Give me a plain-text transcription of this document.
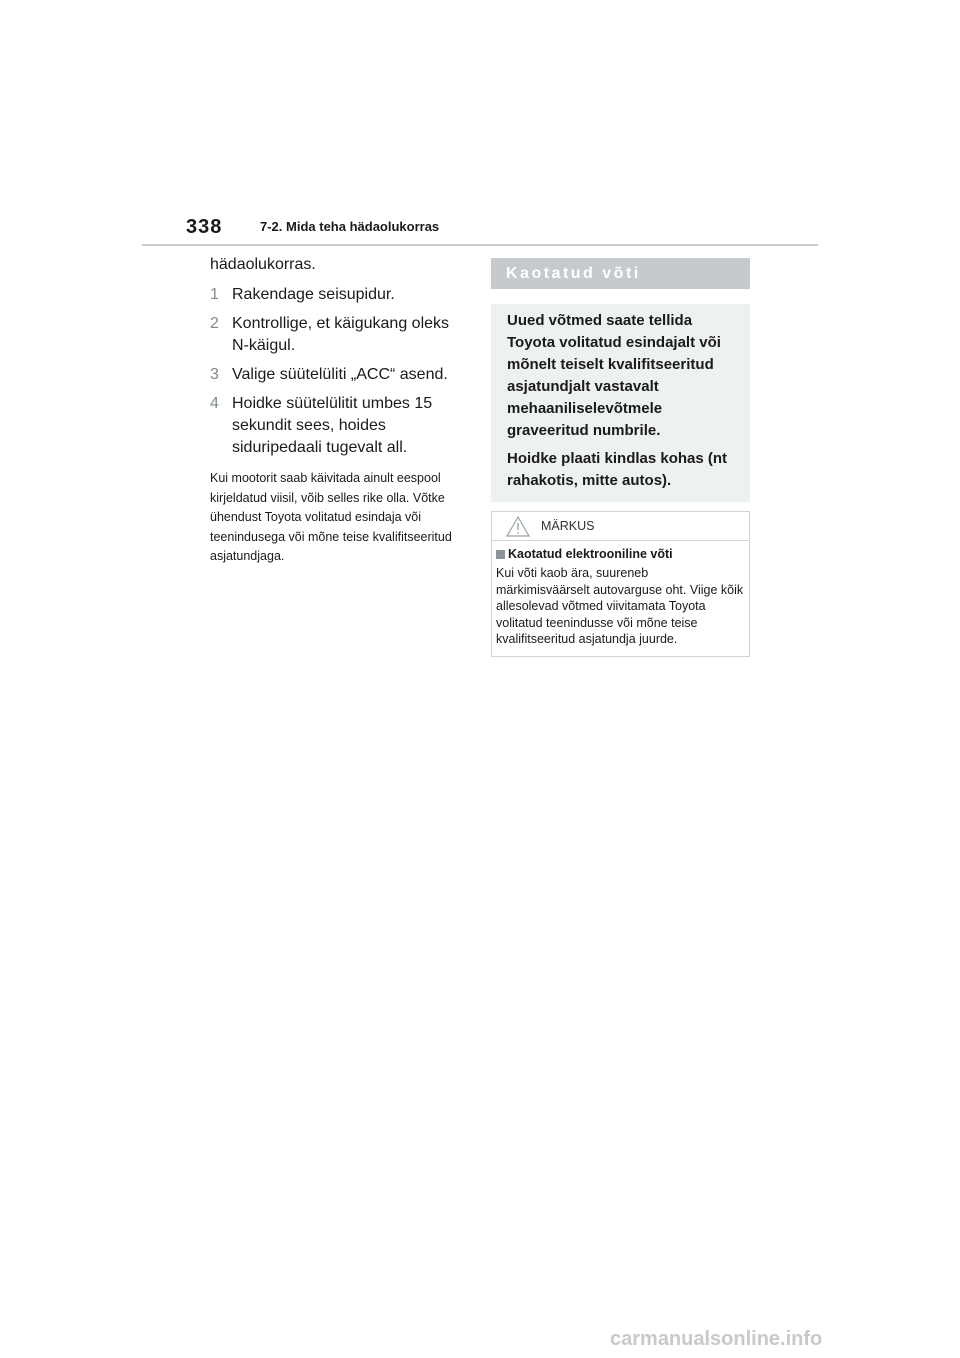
338	7-2. Mida teha hädaolukorras

hädaolukorras.

1 Rakendage seisupidur.
2 Kontrollige, et käigukang oleks N-käigul.
3 Valige süütelüliti „ACC“ asend.
4 Hoidke süütelülitit umbes 15 sekundit sees, hoides siduripedaali tugevalt all.

Kui mootorit saab käivitada ainult eespool kirjeldatud viisil, võib selles rike olla. Võtke ühendust Toyota volitatud esindaja või teenindusega või mõne teise kvalifitseeritud asjatundjaga.

Kaotatud võti

Uued võtmed saate tellida Toyota volitatud esindajalt või mõnelt teiselt kvalifitseeritud asjatundjalt vastavalt mehaaniliselevõtmele graveeritud numbrile.

Hoidke plaati kindlas kohas (nt rahakotis, mitte autos).

MÄRKUS
Kaotatud elektrooniline võti

Kui võti kaob ära, suureneb märkimisväärselt autovarguse oht. Viige kõik allesolevad võtmed viivitamata Toyota volitatud teenindusse või mõne teise kvalifitseeritud asjatundja juurde.

carmanualsonline.info
